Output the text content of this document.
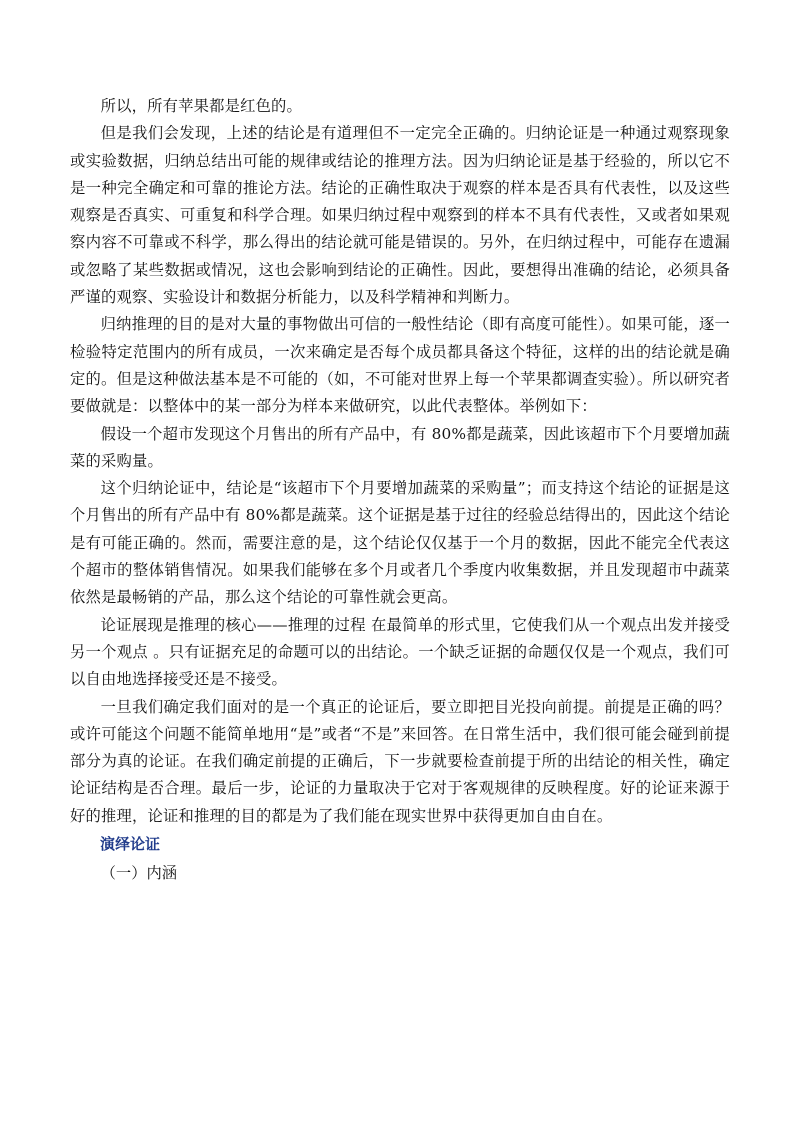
所以，所有苹果都是红色的。

但是我们会发现，上述的结论是有道理但不一定完全正确的。归纳论证是一种通过观察现象或实验数据，归纳总结出可能的规律或结论的推理方法。因为归纳论证是基于经验的，所以它不是一种完全确定和可靠的推论方法。结论的正确性取决于观察的样本是否具有代表性，以及这些观察是否真实、可重复和科学合理。如果归纳过程中观察到的样本不具有代表性，又或者如果观察内容不可靠或不科学，那么得出的结论就可能是错误的。另外，在归纳过程中，可能存在遗漏或忽略了某些数据或情况，这也会影响到结论的正确性。因此，要想得出准确的结论，必须具备严谨的观察、实验设计和数据分析能力，以及科学精神和判断力。

归纳推理的目的是对大量的事物做出可信的一般性结论（即有高度可能性）。如果可能，逐一检验特定范围内的所有成员，一次来确定是否每个成员都具备这个特征，这样的出的结论就是确定的。但是这种做法基本是不可能的（如，不可能对世界上每一个苹果都调查实验）。所以研究者要做就是：以整体中的某一部分为样本来做研究，以此代表整体。举例如下：

假设一个超市发现这个月售出的所有产品中，有 80%都是蔬菜，因此该超市下个月要增加蔬菜的采购量。

这个归纳论证中，结论是“该超市下个月要增加蔬菜的采购量”；而支持这个结论的证据是这个月售出的所有产品中有 80%都是蔬菜。这个证据是基于过往的经验总结得出的，因此这个结论是有可能正确的。然而，需要注意的是，这个结论仅仅基于一个月的数据，因此不能完全代表这个超市的整体销售情况。如果我们能够在多个月或者几个季度内收集数据，并且发现超市中蔬菜依然是最畅销的产品，那么这个结论的可靠性就会更高。

论证展现是推理的核心——推理的过程 在最简单的形式里，它使我们从一个观点出发并接受另一个观点 。只有证据充足的命题可以的出结论。一个缺乏证据的命题仅仅是一个观点，我们可以自由地选择接受还是不接受。

一旦我们确定我们面对的是一个真正的论证后，要立即把目光投向前提。前提是正确的吗？或许可能这个问题不能简单地用“是”或者“不是”来回答。在日常生活中，我们很可能会碰到前提部分为真的论证。在我们确定前提的正确后，下一步就要检查前提于所的出结论的相关性，确定论证结构是否合理。最后一步，论证的力量取决于它对于客观规律的反映程度。好的论证来源于好的推理，论证和推理的目的都是为了我们能在现实世界中获得更加自由自在。

演绎论证

（一）内涵
